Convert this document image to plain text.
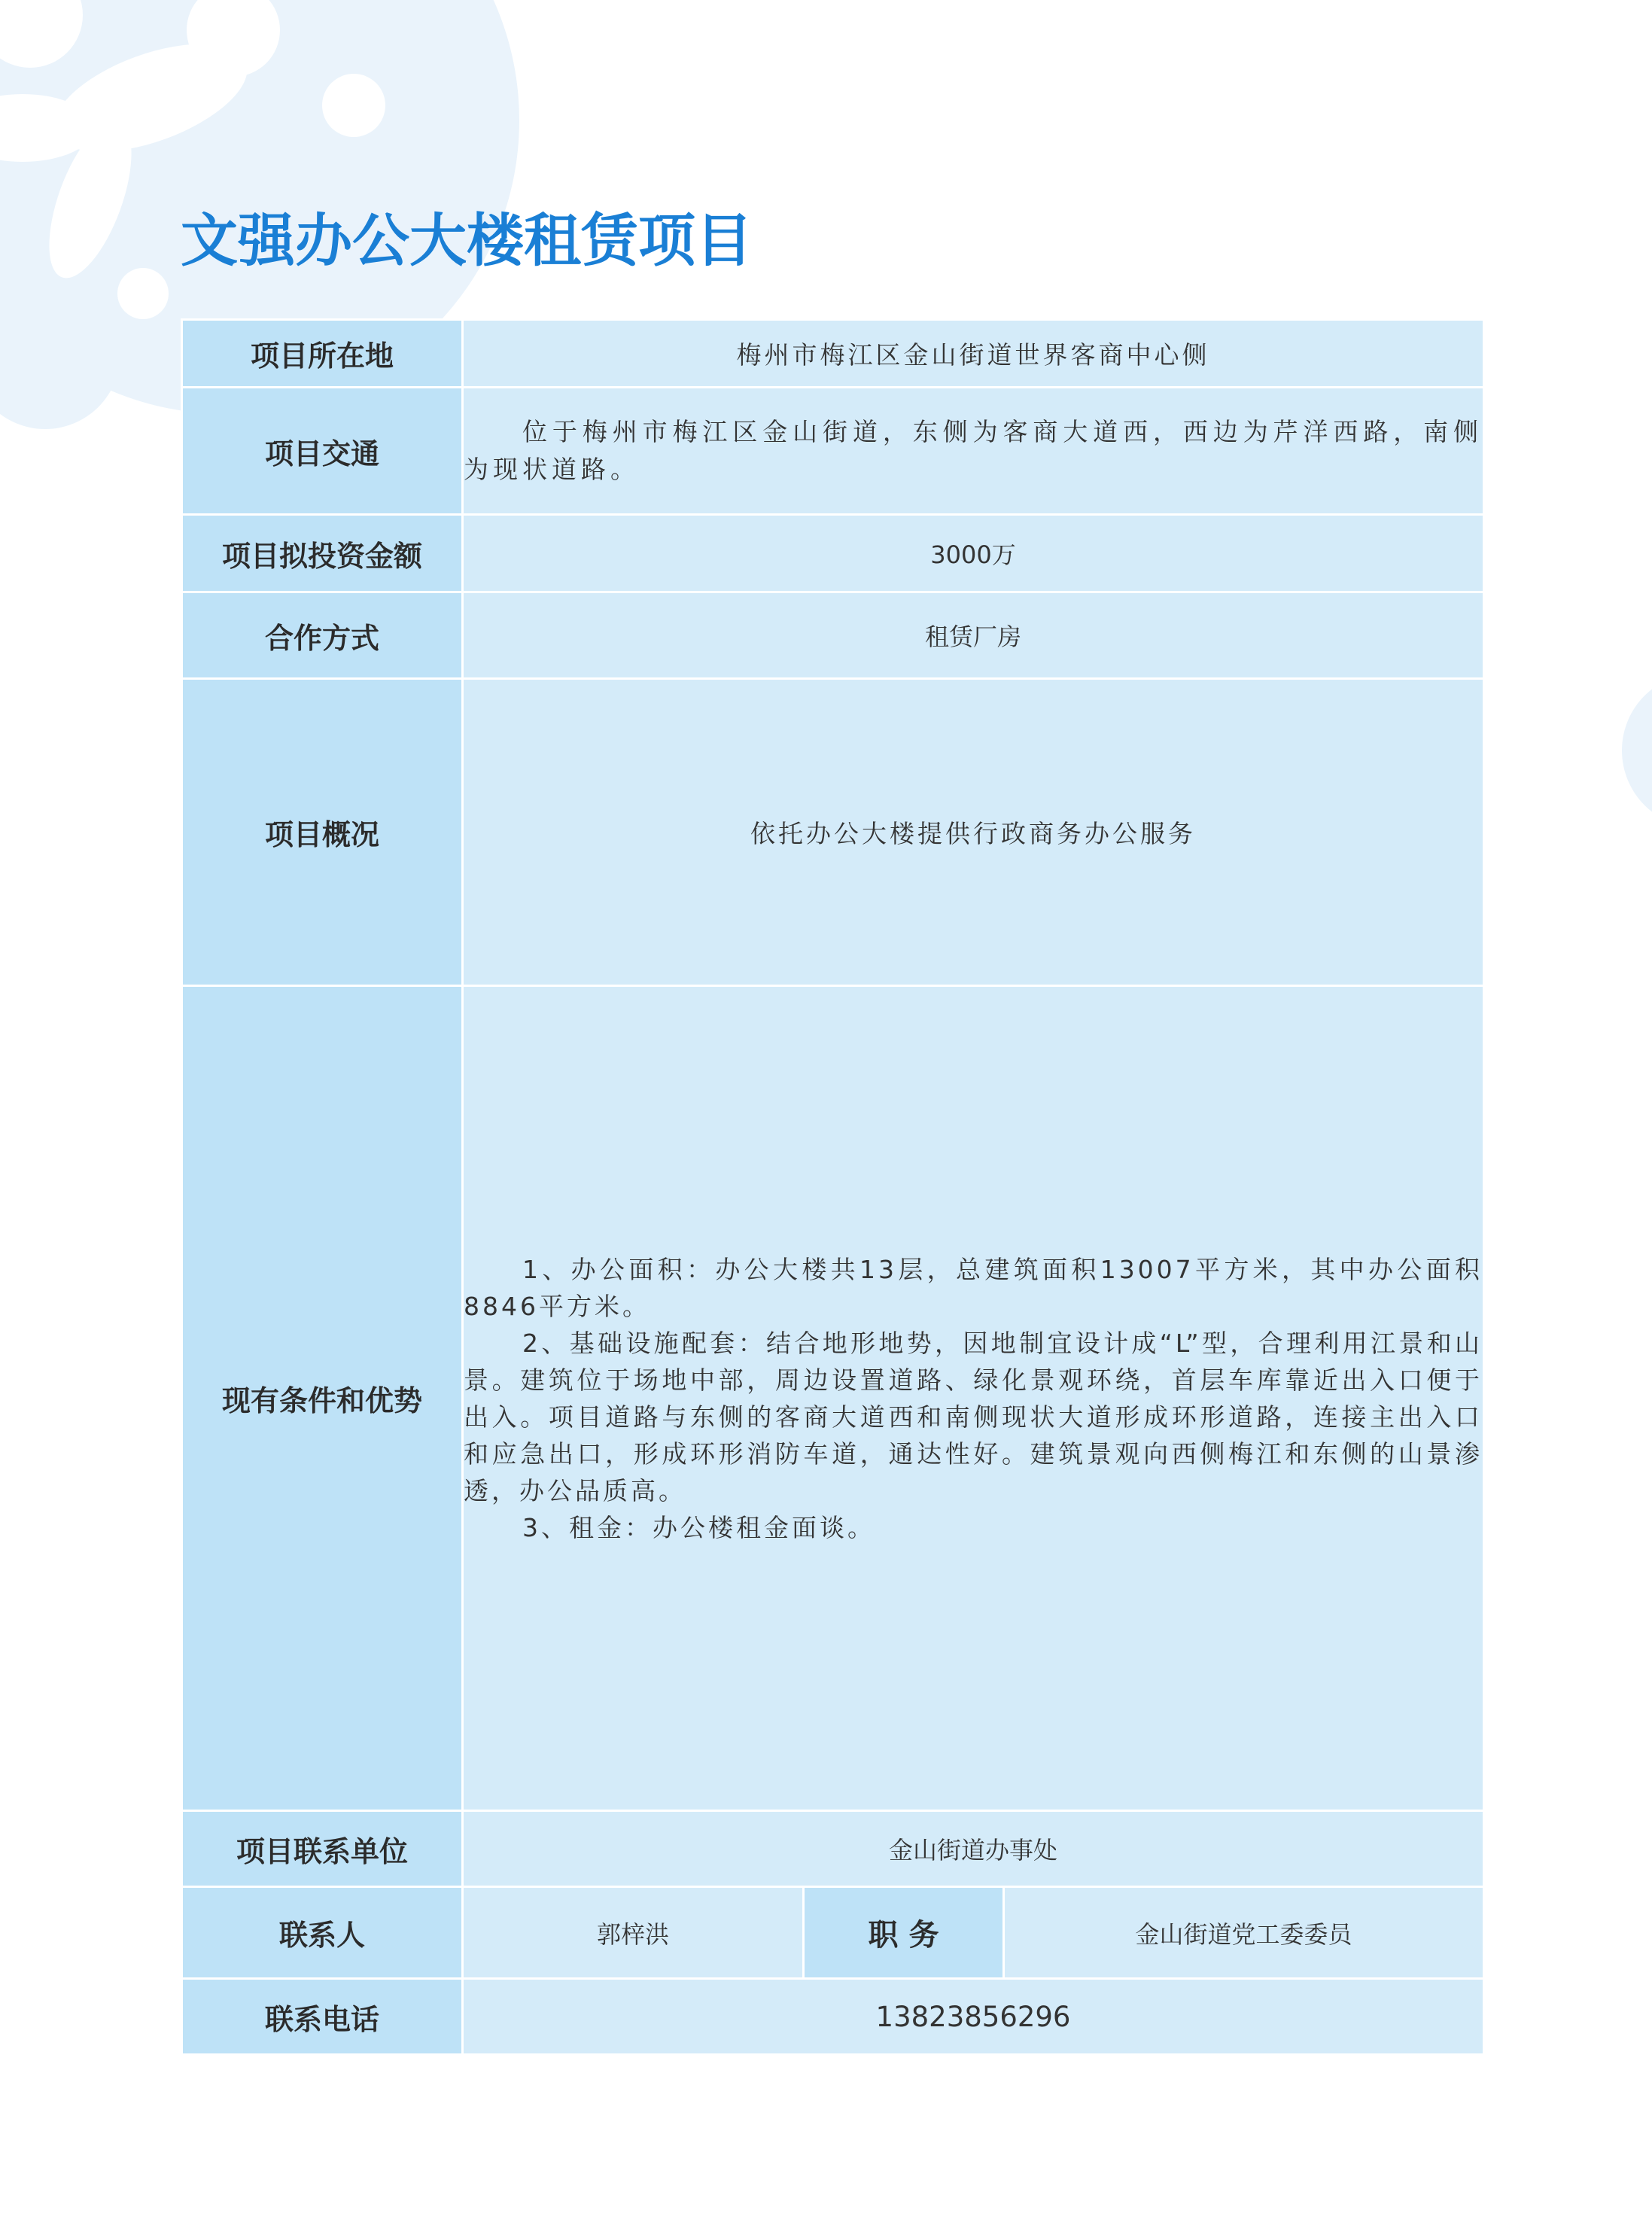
文强办公大楼租赁项目
项目所在地	梅州市梅江区金山街道世界客商中心侧		
项目交通	位于梅州市梅江区金山街道，东侧为客商大道西，西边为芹洋西路，南侧为现状道路。		

项目拟投资金额	3000万		
合作方式	租赁厂房		
项目概况	依托办公大楼提供行政商务办公服务		
现有条件和优势	1、办公面积：办公大楼共13层，总建筑面积13007平方米，其中办公面积8846平方米。

2、基础设施配套：结合地形地势，因地制宜设计成“L”型，合理利用江景和山景。建筑位于场地中部，周边设置道路、绿化景观环绕，首层车库靠近出入口便于出入。项目道路与东侧的客商大道西和南侧现状大道形成环形道路，连接主出入口和应急出口，形成环形消防车道，通达性好。建筑景观向西侧梅江和东侧的山景渗透，办公品质高。

3、租金：办公楼租金面谈。		

项目联系单位	金山街道办事处		
联系人	郭梓洪	职 务	金山街道党工委委员
联系电话	13823856296		
